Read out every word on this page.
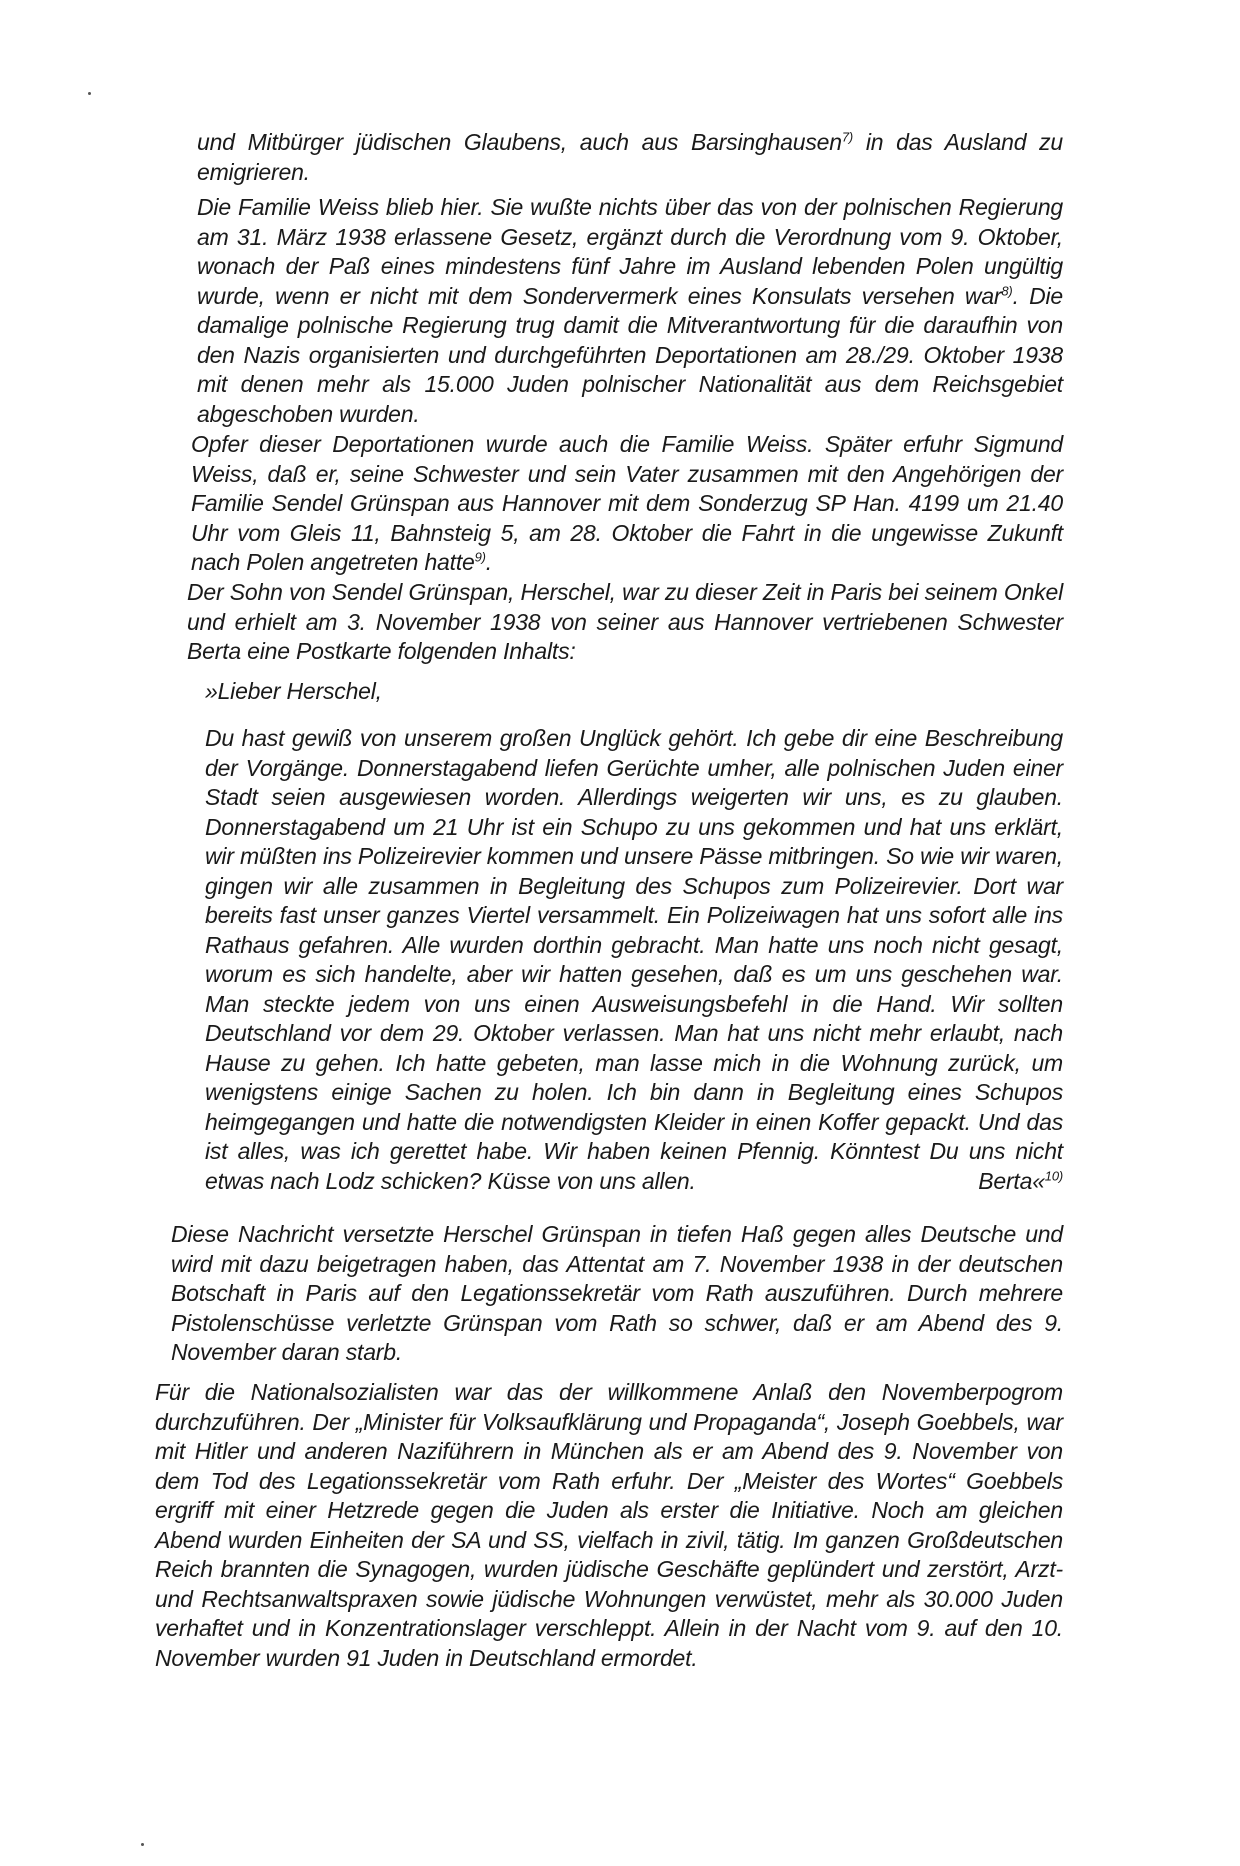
und Mitbürger jüdischen Glaubens, auch aus Barsinghausen$^{7)}$ in das Ausland zu emigrieren.

Die Familie Weiss blieb hier. Sie wußte nichts über das von der polnischen Regierung am 31. März 1938 erlassene Gesetz, ergänzt durch die Verordnung vom 9. Oktober, wonach der Paß eines mindestens fünf Jahre im Ausland lebenden Polen ungültig wurde, wenn er nicht mit dem Sondervermerk eines Konsulats versehen war$^{8)}$. Die damalige polnische Regierung trug damit die Mitverantwortung für die daraufhin von den Nazis organisierten und durchgeführten Deportationen am 28./29. Oktober 1938 mit denen mehr als 15.000 Juden polnischer Nationalität aus dem Reichsgebiet abgeschoben wurden.

Opfer dieser Deportationen wurde auch die Familie Weiss. Später erfuhr Sigmund Weiss, daß er, seine Schwester und sein Vater zusammen mit den Angehörigen der Familie Sendel Grünspan aus Hannover mit dem Sonderzug SP Han. 4199 um 21.40 Uhr vom Gleis 11, Bahnsteig 5, am 28. Oktober die Fahrt in die ungewisse Zukunft nach Polen angetreten hatte$^{9)}$.

Der Sohn von Sendel Grünspan, Herschel, war zu dieser Zeit in Paris bei seinem Onkel und erhielt am 3. November 1938 von seiner aus Hannover vertriebenen Schwester Berta eine Postkarte folgenden Inhalts:

»Lieber Herschel,

Du hast gewiß von unserem großen Unglück gehört. Ich gebe dir eine Beschreibung der Vorgänge. Donnerstagabend liefen Gerüchte umher, alle polnischen Juden einer Stadt seien ausgewiesen worden. Allerdings weigerten wir uns, es zu glauben. Donnerstagabend um 21 Uhr ist ein Schupo zu uns gekommen und hat uns erklärt, wir müßten ins Polizeirevier kommen und unsere Pässe mitbringen. So wie wir waren, gingen wir alle zusammen in Begleitung des Schupos zum Polizeirevier. Dort war bereits fast unser ganzes Viertel versammelt. Ein Polizeiwagen hat uns sofort alle ins Rathaus gefahren. Alle wurden dorthin gebracht. Man hatte uns noch nicht gesagt, worum es sich handelte, aber wir hatten gesehen, daß es um uns geschehen war. Man steckte jedem von uns einen Ausweisungsbefehl in die Hand. Wir sollten Deutschland vor dem 29. Oktober verlassen. Man hat uns nicht mehr erlaubt, nach Hause zu gehen. Ich hatte gebeten, man lasse mich in die Wohnung zurück, um wenigstens einige Sachen zu holen. Ich bin dann in Begleitung eines Schupos heimgegangen und hatte die notwendigsten Kleider in einen Koffer gepackt. Und das ist alles, was ich gerettet habe. Wir haben keinen Pfennig. Könntest Du uns nicht etwas nach Lodz schicken? Küsse von uns allen.	Berta«$^{10)}$

Diese Nachricht versetzte Herschel Grünspan in tiefen Haß gegen alles Deutsche und wird mit dazu beigetragen haben, das Attentat am 7. November 1938 in der deutschen Botschaft in Paris auf den Legationssekretär vom Rath auszuführen. Durch mehrere Pistolenschüsse verletzte Grünspan vom Rath so schwer, daß er am Abend des 9. November daran starb.

Für die Nationalsozialisten war das der willkommene Anlaß den Novemberpogrom durchzuführen. Der „Minister für Volksaufklärung und Propaganda“, Joseph Goebbels, war mit Hitler und anderen Naziführern in München als er am Abend des 9. November von dem Tod des Legationssekretär vom Rath erfuhr. Der „Meister des Wortes“ Goebbels ergriff mit einer Hetzrede gegen die Juden als erster die Initiative. Noch am gleichen Abend wurden Einheiten der SA und SS, vielfach in zivil, tätig. Im ganzen Großdeutschen Reich brannten die Synagogen, wurden jüdische Geschäfte geplündert und zerstört, Arzt- und Rechtsanwaltspraxen sowie jüdische Wohnungen verwüstet, mehr als 30.000 Juden verhaftet und in Konzentrationslager verschleppt. Allein in der Nacht vom 9. auf den 10. November wurden 91 Juden in Deutschland ermordet.
